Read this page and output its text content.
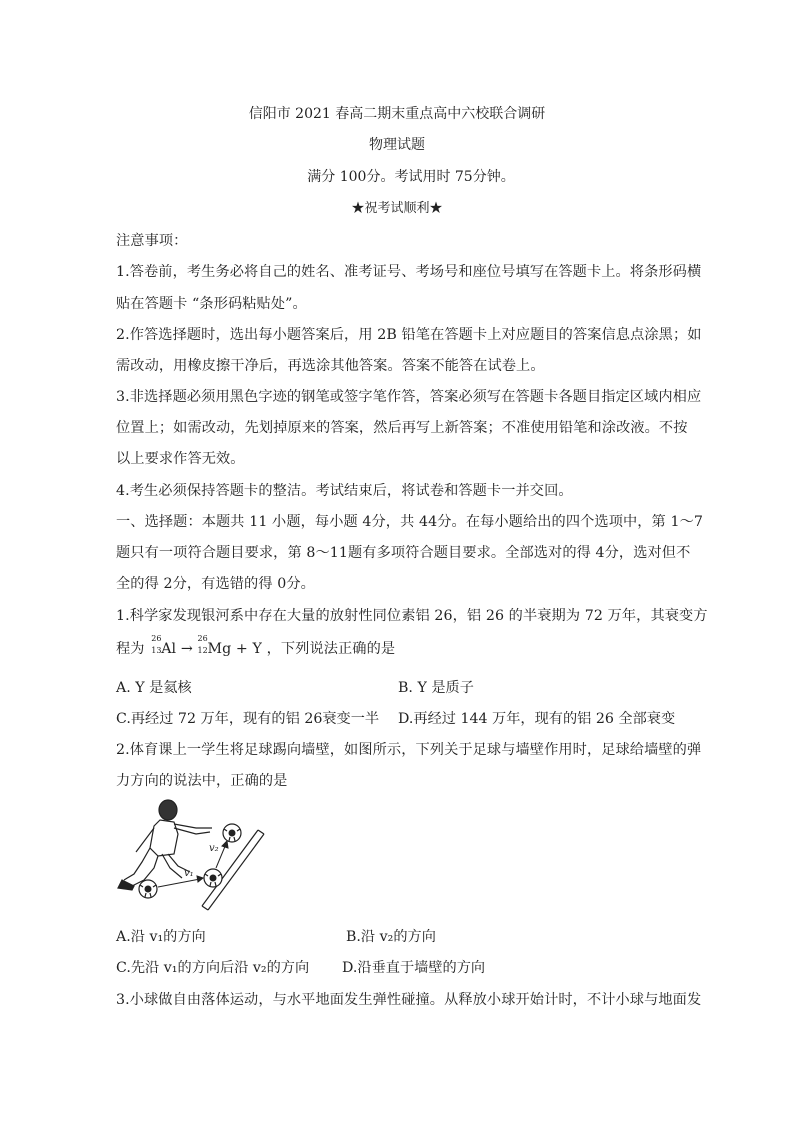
信阳市 2021 春高二期末重点高中六校联合调研
物理试题
满分 100分。考试用时 75分钟。
★祝考试顺利★
注意事项：
1.答卷前，考生务必将自己的姓名、准考证号、考场号和座位号填写在答题卡上。将条形码横
贴在答题卡 “条形码粘贴处”。
2.作答选择题时，选出每小题答案后，用 2B 铅笔在答题卡上对应题目的答案信息点涂黑；如
需改动，用橡皮擦干净后，再选涂其他答案。答案不能答在试卷上。
3.非选择题必须用黑色字迹的钢笔或签字笔作答，答案必须写在答题卡各题目指定区域内相应
位置上；如需改动，先划掉原来的答案，然后再写上新答案；不准使用铅笔和涂改液。不按
以上要求作答无效。
4.考生必须保持答题卡的整洁。考试结束后，将试卷和答题卡一并交回。
一、选择题：本题共 11 小题，每小题 4分，共 44分。在每小题给出的四个选项中，第 1～7
题只有一项符合题目要求，第 8～11题有多项符合题目要求。全部选对的得 4分，选对但不
全的得 2分，有选错的得 0分。
1.科学家发现银河系中存在大量的放射性同位素铝 26，铝 26 的半衰期为 72 万年，其衰变方
程为
26
13 Al →
26
12 Mg + Y ，下列说法正确的是
A. Y 是氦核	B. Y 是质子
C.再经过 72 万年，现有的铝 26衰变一半 D.再经过 144 万年，现有的铝 26 全部衰变
2.体育课上一学生将足球踢向墙壁，如图所示，下列关于足球与墙壁作用时，足球给墙壁的弹
力方向的说法中，正确的是
v₁
v₂
A.沿 v₁的方向	B.沿 v₂的方向
C.先沿 v₁的方向后沿 v₂的方向 D.沿垂直于墙壁的方向
3.小球做自由落体运动，与水平地面发生弹性碰撞。从释放小球开始计时，不计小球与地面发
